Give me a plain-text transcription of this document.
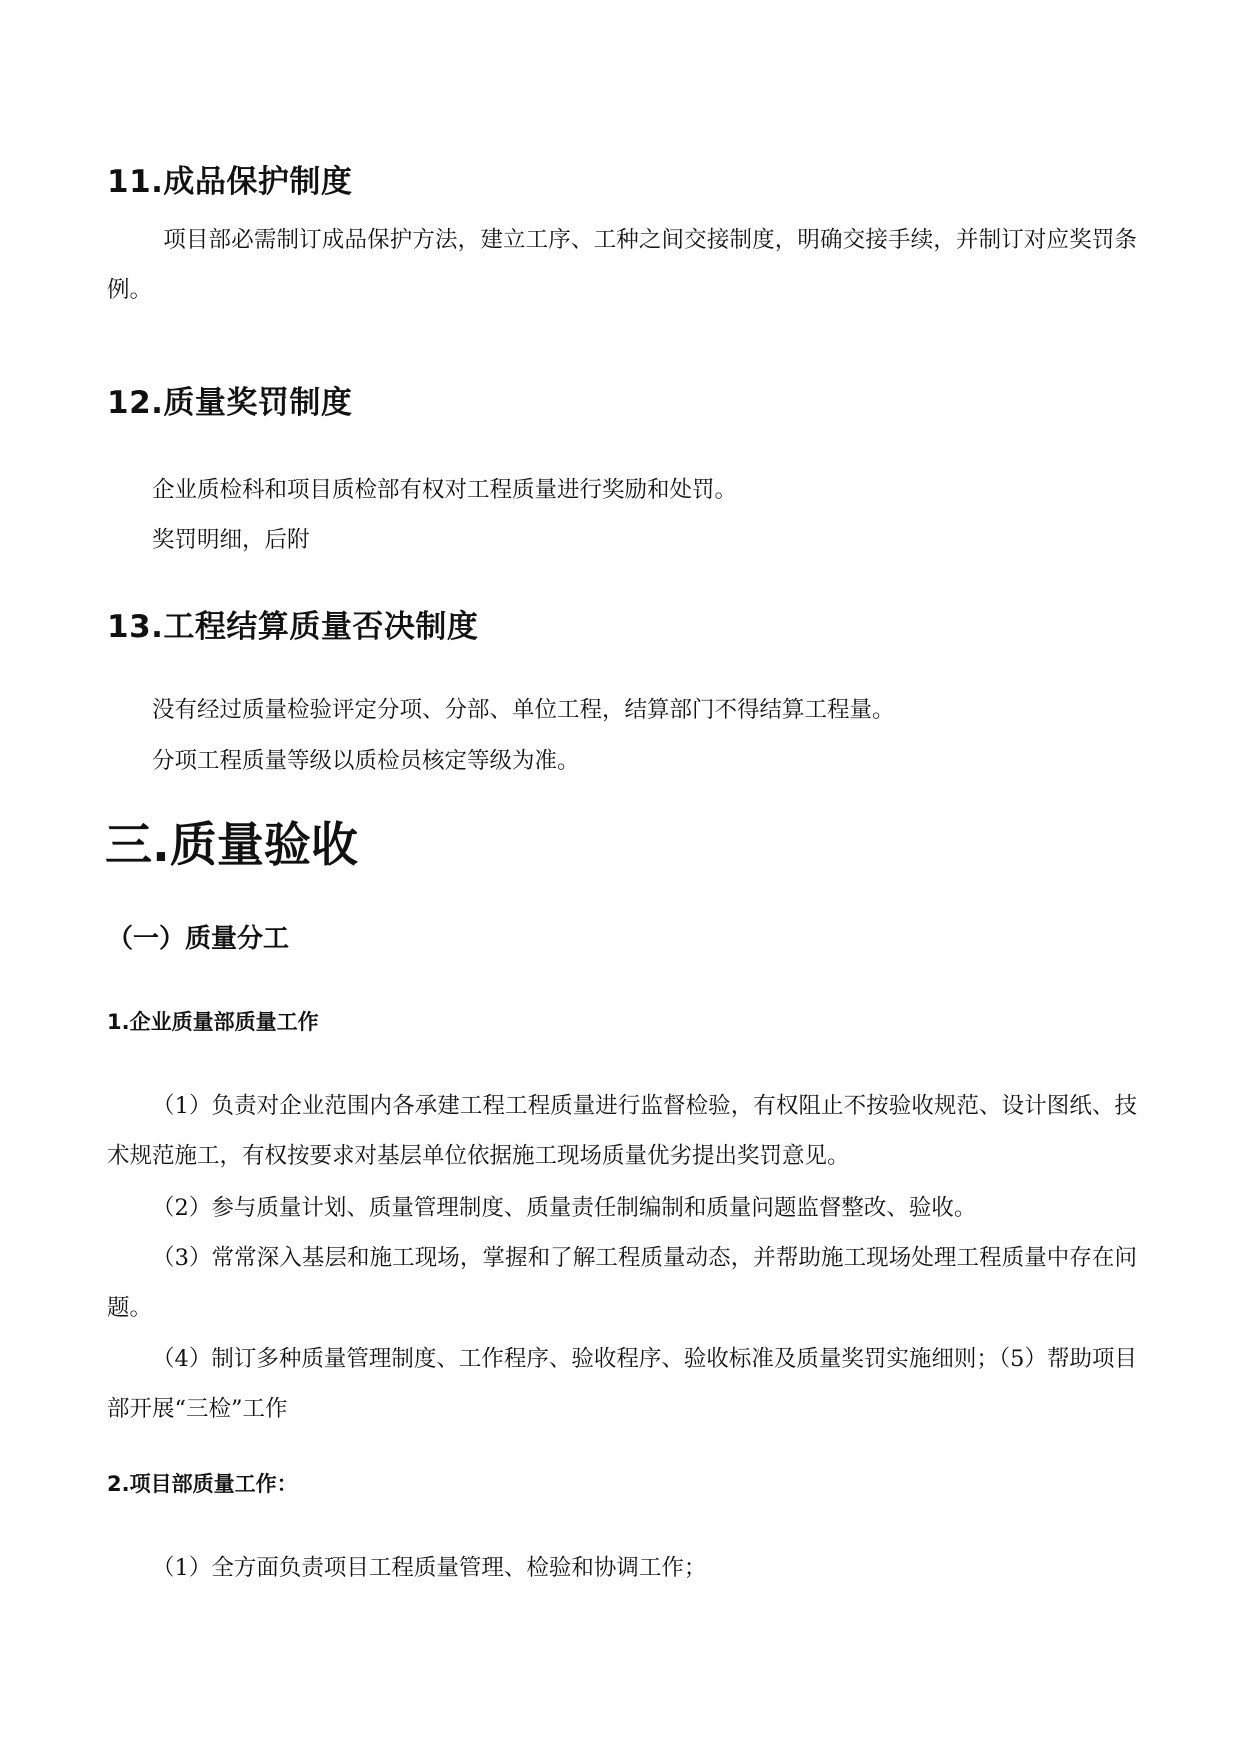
11.成品保护制度

项目部必需制订成品保护方法，建立工序、工种之间交接制度，明确交接手续，并制订对应奖罚条例。

12.质量奖罚制度

企业质检科和项目质检部有权对工程质量进行奖励和处罚。

奖罚明细，后附

13.工程结算质量否决制度

没有经过质量检验评定分项、分部、单位工程，结算部门不得结算工程量。

分项工程质量等级以质检员核定等级为准。

三.质量验收
（一）质量分工
1.企业质量部质量工作

（1）负责对企业范围内各承建工程工程质量进行监督检验，有权阻止不按验收规范、设计图纸、技术规范施工，有权按要求对基层单位依据施工现场质量优劣提出奖罚意见。

（2）参与质量计划、质量管理制度、质量责任制编制和质量问题监督整改、验收。

（3）常常深入基层和施工现场，掌握和了解工程质量动态，并帮助施工现场处理工程质量中存在问题。

（4）制订多种质量管理制度、工作程序、验收程序、验收标准及质量奖罚实施细则；（5）帮助项目部开展“三检”工作

2.项目部质量工作：

（1）全方面负责项目工程质量管理、检验和协调工作；
